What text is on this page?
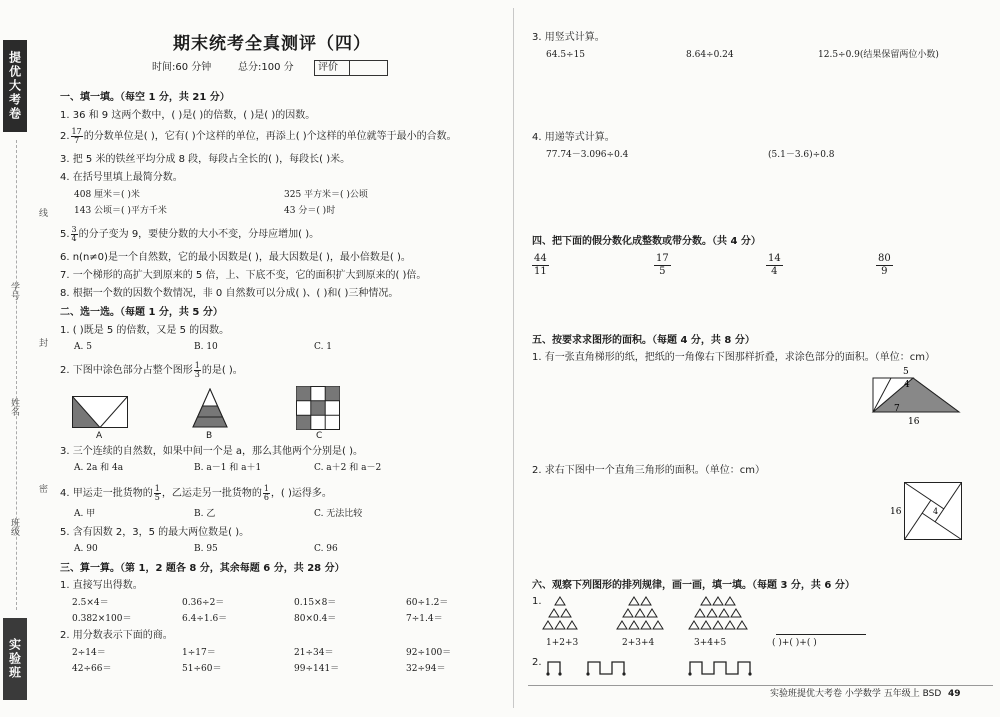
提优大考卷
实验班
线
封
密
学号
姓名
班级
期末统考全真测评（四）
时间:60 分钟	总分:100 分 评价
一、填一填。（每空 1 分，共 21 分）
1. 36 和 9 这两个数中，( )是( )的倍数，( )是( )的因数。
2. $\frac{17}{7}$ 的分数单位是( )，它有( )个这样的单位，再添上( )个这样的单位就等于最小的合数。
3. 把 5 米的铁丝平均分成 8 段，每段占全长的( )，每段长( )米。
4. 在括号里填上最简分数。
408 厘米＝( )米	325 平方米＝( )公顷
143 公顷＝( )平方千米	43 分＝( )时
5. $\frac{3}{4}$ 的分子变为 9，要使分数的大小不变，分母应增加( )。
6. n(n≠0)是一个自然数，它的最小因数是( )，最大因数是( )，最小倍数是( )。
7. 一个梯形的高扩大到原来的 5 倍，上、下底不变，它的面积扩大到原来的( )倍。
8. 根据一个数的因数个数情况，非 0 自然数可以分成( )、( )和( )三种情况。
二、选一选。（每题 1 分，共 5 分）
1. ( )既是 5 的倍数，又是 5 的因数。
A. 5	B. 10	C. 1
2. 下图中涂色部分占整个图形 $\frac{1}{3}$ 的是( )。
A	B	C
3. 三个连续的自然数，如果中间一个是 a，那么其他两个分别是( )。
A. 2a 和 4a	B. a－1 和 a＋1	C. a＋2 和 a－2
4. 甲运走一批货物的 $\frac{1}{5}$ ，乙运走另一批货物的 $\frac{1}{6}$ ，( )运得多。
A. 甲	B. 乙	C. 无法比较
5. 含有因数 2，3，5 的最大两位数是( )。
A. 90	B. 95	C. 96
三、算一算。（第 1，2 题各 8 分，其余每题 6 分，共 28 分）
1. 直接写出得数。
2.5×4＝	0.36÷2＝	0.15×8＝	60÷1.2＝
0.382×100＝	6.4÷1.6＝	80×0.4＝	7÷1.4＝
2. 用分数表示下面的商。
2÷14＝	1÷17＝	21÷34＝	92÷100＝
42÷66＝	51÷60＝	99÷141＝	32÷94＝
3. 用竖式计算。
64.5÷15	8.64÷0.24	12.5÷0.9(结果保留两位小数)
4. 用递等式计算。
77.74－3.096÷0.4	(5.1－3.6)÷0.8
四、把下面的假分数化成整数或带分数。（共 4 分）
44
11
17
5
14
4
80
9
五、按要求求图形的面积。（每题 4 分，共 8 分）
1. 有一张直角梯形的纸，把纸的一角像右下图那样折叠，求涂色部分的面积。（单位：cm）
5
4
7
16
2. 求右下图中一个直角三角形的面积。（单位：cm）
16	4
六、观察下列图形的排列规律，画一画，填一填。（每题 3 分，共 6 分）
1.
1+2+3	2+3+4	3+4+5	( )+( )+( )
2.
实验班提优大考卷 小学数学 五年级上 BSD 49
